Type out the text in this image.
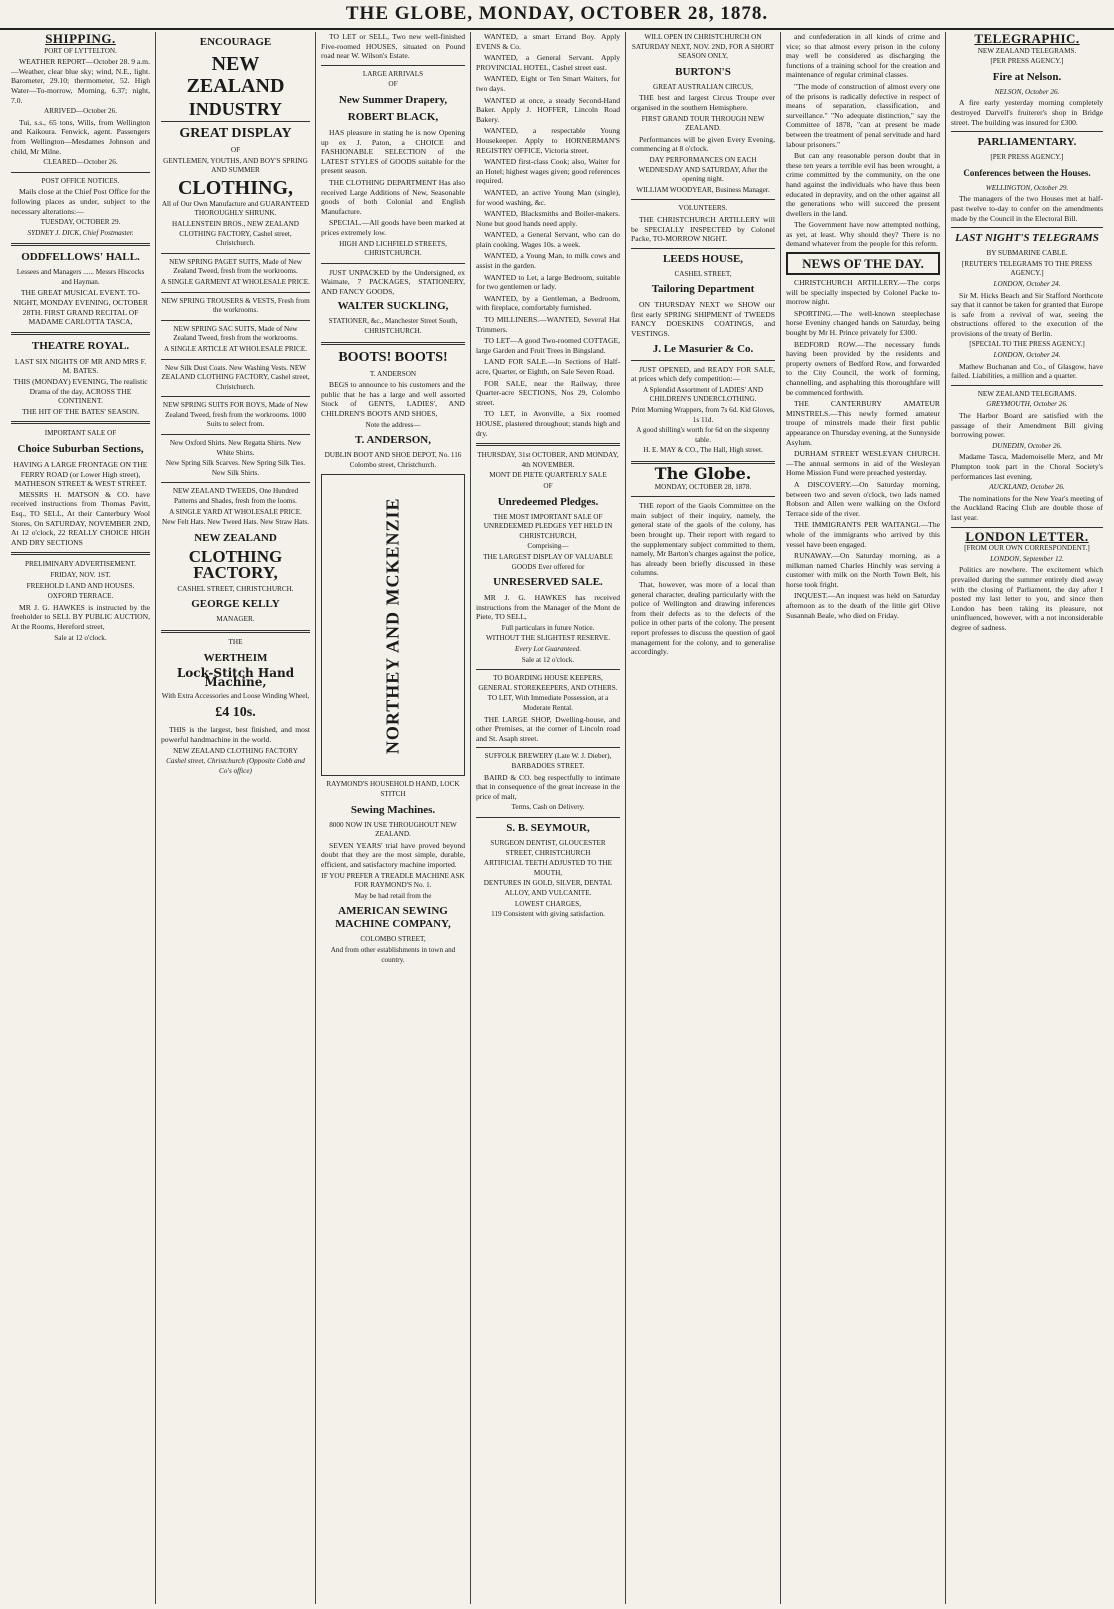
THE GLOBE, MONDAY, OCTOBER 28, 1878.
SHIPPING.
PORT OF LYTTELTON.

WEATHER REPORT—October 28. 9 a.m.—Weather, clear blue sky; wind, N.E., light. Barometer, 29.10; thermometer, 52. High Water—To-morrow, Morning, 6.37; night, 7.0.

ARRIVED—October 26.

Tui, s.s., 65 tons, Wills, from Wellington and Kaikoura. Fenwick, agent. Passengers from Wellington—Mesdames Johnson and child, Mr Milne.

CLEARED—October 26.
POST OFFICE NOTICES.

Mails close at the Chief Post Office for the following places as under, subject to the necessary alterations:—

TUESDAY, OCTOBER 29.
SYDNEY J. DICK, Chief Postmaster.
ODDFELLOWS' HALL.
Lessees and Managers ...... Messrs Hiscocks and Hayman.

THE GREAT MUSICAL EVENT. TO-NIGHT, MONDAY EVENING, OCTOBER 28TH. FIRST GRAND RECITAL OF MADAME CARLOTTA TASCA,

THEATRE ROYAL.

LAST SIX NIGHTS OF MR AND MRS F. M. BATES.

THIS (MONDAY) EVENING, The realistic Drama of the day, ACROSS THE CONTINENT.

THE HIT OF THE BATES' SEASON.

IMPORTANT SALE OF
Choice Suburban Sections,

HAVING A LARGE FRONTAGE ON THE FERRY ROAD (or Lower High street), MATHESON STREET & WEST STREET.

MESSRS H. MATSON & CO. have received instructions from Thomas Pavitt, Esq., TO SELL, At their Canterbury Wool Stores, On SATURDAY, NOVEMBER 2ND, At 12 o'clock, 22 REALLY CHOICE HIGH AND DRY SECTIONS

PRELIMINARY ADVERTISEMENT.
FRIDAY, NOV. 1ST.
FREEHOLD LAND AND HOUSES.
OXFORD TERRACE.

MR J. G. HAWKES is instructed by the freeholder to SELL BY PUBLIC AUCTION, At the Rooms, Hereford street,

Sale at 12 o'clock.
ENCOURAGE
NEW ZEALAND
INDUSTRY
GREAT DISPLAY
OF
GENTLEMEN, YOUTHS, AND BOY'S SPRING AND SUMMER
CLOTHING,
All of Our Own Manufacture and GUARANTEED THOROUGHLY SHRUNK.
HALLENSTEIN BROS., NEW ZEALAND CLOTHING FACTORY, Cashel street, Christchurch.
NEW SPRING PAGET SUITS, Made of New Zealand Tweed, fresh from the workrooms.
A SINGLE GARMENT AT WHOLESALE PRICE.
NEW SPRING TROUSERS & VESTS, Fresh from the workrooms.
NEW SPRING SAC SUITS, Made of New Zealand Tweed, fresh from the workrooms.
A SINGLE ARTICLE AT WHOLESALE PRICE.
New Silk Dust Coats. New Washing Vests. NEW ZEALAND CLOTHING FACTORY, Cashel street, Christchurch.
NEW SPRING SUITS FOR BOYS, Made of New Zealand Tweed, fresh from the workrooms. 1000 Suits to select from.
New Oxford Shirts. New Regatta Shirts. New White Shirts.
New Spring Silk Scarves. New Spring Silk Ties. New Silk Shirts.
NEW ZEALAND TWEEDS, One Hundred Patterns and Shades, fresh from the looms.
A SINGLE YARD AT WHOLESALE PRICE.
New Felt Hats. New Tweed Hats. New Straw Hats.
NEW ZEALAND
CLOTHING FACTORY,
CASHEL STREET, CHRISTCHURCH.
GEORGE KELLY
MANAGER.
THE
WERTHEIM
Lock-Stitch Hand Machine,
With Extra Accessories and Loose Winding Wheel,
£4 10s.

THIS is the largest, best finished, and most powerful handmachine in the world.

NEW ZEALAND CLOTHING FACTORY
Cashel street, Christchurch (Opposite Cobb and Co's office)

TO LET or SELL, Two new well-finished Five-roomed HOUSES, situated on Pound road near W. Wilson's Estate.

LARGE ARRIVALS
OF
New Summer Drapery,
ROBERT BLACK,

HAS pleasure in stating he is now Opening up ex J. Paton, a CHOICE and FASHIONABLE SELECTION of the LATEST STYLES of GOODS suitable for the present season.

THE CLOTHING DEPARTMENT Has also received Large Additions of New, Seasonable goods of both Colonial and English Manufacture.

SPECIAL.—All goods have been marked at prices extremely low.

HIGH AND LICHFIELD STREETS, CHRISTCHURCH.

JUST UNPACKED by the Undersigned, ex Waimate, 7 PACKAGES, STATIONERY, AND FANCY GOODS,

WALTER SUCKLING,
STATIONER, &c., Manchester Street South, CHRISTCHURCH.
BOOTS! BOOTS!
T. ANDERSON

BEGS to announce to his customers and the public that he has a large and well assorted Stock of GENTS, LADIES', AND CHILDREN'S BOOTS AND SHOES,

Note the address—
T. ANDERSON,
DUBLIN BOOT AND SHOE DEPOT, No. 116 Colombo street, Christchurch.
NORTHEY AND MCKENZIE
RAYMOND'S HOUSEHOLD HAND, LOCK STITCH
Sewing Machines.
8000 NOW IN USE THROUGHOUT NEW ZEALAND.

SEVEN YEARS' trial have proved beyond doubt that they are the most simple, durable, efficient, and satisfactory machine imported.

IF YOU PREFER A TREADLE MACHINE ASK FOR RAYMOND'S No. 1.
May be had retail from the
AMERICAN SEWING MACHINE COMPANY,
COLOMBO STREET,
And from other establishments in town and country.

WANTED, a smart Errand Boy. Apply EVENS & Co.

WANTED, a General Servant. Apply PROVINCIAL HOTEL, Cashel street east.

WANTED, Eight or Ten Smart Waiters, for two days.

WANTED at once, a steady Second-Hand Baker. Apply J. HOFFER, Lincoln Road Bakery.

WANTED, a respectable Young Housekeeper. Apply to HORNERMAN'S REGISTRY OFFICE, Victoria street.

WANTED first-class Cook; also, Waiter for an Hotel; highest wages given; good references required.

WANTED, an active Young Man (single), for wood washing, &c.

WANTED, Blacksmiths and Boiler-makers. None but good hands need apply.

WANTED, a General Servant, who can do plain cooking. Wages 10s. a week.

WANTED, a Young Man, to milk cows and assist in the garden.

WANTED to Let, a large Bedroom, suitable for two gentlemen or lady.

WANTED, by a Gentleman, a Bedroom, with fireplace, comfortably furnished.

TO MILLINERS.—WANTED, Several Hat Trimmers.

TO LET—A good Two-roomed COTTAGE, large Garden and Fruit Trees in Bingsland.

LAND FOR SALE.—In Sections of Half-acre, Quarter, or Eighth, on Sale Seven Road.

FOR SALE, near the Railway, three Quarter-acre SECTIONS, Nos 29, Colombo street.

TO LET, in Avonville, a Six roomed HOUSE, plastered throughout; stands high and dry.

THURSDAY, 31st OCTOBER, AND MONDAY, 4th NOVEMBER.
MONT DE PIETE QUARTERLY SALE
OF
Unredeemed Pledges.
THE MOST IMPORTANT SALE OF UNREDEEMED PLEDGES YET HELD IN CHRISTCHURCH,
Comprising—
THE LARGEST DISPLAY OF VALUABLE GOODS Ever offered for
UNRESERVED SALE.

MR J. G. HAWKES has received instructions from the Manager of the Mont de Piete, TO SELL,

Full particulars in future Notice.
WITHOUT THE SLIGHTEST RESERVE.
Every Lot Guaranteed.
Sale at 12 o'clock.
TO BOARDING HOUSE KEEPERS, GENERAL STOREKEEPERS, AND OTHERS.
TO LET, With Immediate Possession, at a Moderate Rental.

THE LARGE SHOP, Dwelling-house, and other Premises, at the corner of Lincoln road and St. Asaph street.

SUFFOLK BREWERY (Late W. J. Dieber), BARBADOES STREET.

BAIRD & CO. beg respectfully to intimate that in consequence of the great increase in the price of malt,

Terms, Cash on Delivery.
S. B. SEYMOUR,
SURGEON DENTIST, GLOUCESTER STREET, CHRISTCHURCH
ARTIFICIAL TEETH ADJUSTED TO THE MOUTH,
DENTURES IN GOLD, SILVER, DENTAL ALLOY, AND VULCANITE.
LOWEST CHARGES,
119 Consistent with giving satisfaction.
WILL OPEN IN CHRISTCHURCH ON SATURDAY NEXT, NOV. 2ND, FOR A SHORT SEASON ONLY,
BURTON'S
GREAT AUSTRALIAN CIRCUS,

THE best and largest Circus Troupe ever organised in the southern Hemisphere.

FIRST GRAND TOUR THROUGH NEW ZEALAND.

Performances will be given Every Evening, commencing at 8 o'clock.

DAY PERFORMANCES ON EACH WEDNESDAY AND SATURDAY, After the opening night.
WILLIAM WOODYEAR, Business Manager.
VOLUNTEERS.

THE CHRISTCHURCH ARTILLERY will be SPECIALLY INSPECTED by Colonel Packe, TO-MORROW NIGHT.

LEEDS HOUSE,
CASHEL STREET,
Tailoring Department

ON THURSDAY NEXT we SHOW our first early SPRING SHIPMENT of TWEEDS FANCY DOESKINS COATINGS, and VESTINGS.

J. Le Masurier & Co.

JUST OPENED, and READY FOR SALE, at prices which defy competition:—

A Splendid Assortment of LADIES' AND CHILDREN'S UNDERCLOTHING.
Print Morning Wrappers, from 7s 6d. Kid Gloves, 1s 11d.
A good shilling's worth for 6d on the sixpenny table.
H. E. MAY & CO., The Hall, High street.
The Globe.
MONDAY, OCTOBER 28, 1878.

THE report of the Gaols Committee on the main subject of their inquiry, namely, the general state of the gaols of the colony, has been brought up. Their report with regard to the supplementary subject committed to them, namely, Mr Barton's charges against the police, has already been briefly discussed in these columns.

That, however, was more of a local than general character, dealing particularly with the police of Wellington and drawing inferences from their defects as to the defects of the police in other parts of the colony. The present report professes to discuss the question of gaol management for the colony, and to generalise accordingly.

and confederation in all kinds of crime and vice; so that almost every prison in the colony may well be considered as discharging the functions of a training school for the creation and maintenance of regular criminal classes.

"The mode of construction of almost every one of the prisons is radically defective in respect of means of separation, classification, and surveillance." "No adequate distinction," say the Committee of 1878, "can at present be made between the treatment of penal servitude and hard labour prisoners."

But can any reasonable person doubt that in these ten years a terrible evil has been wrought, a crime committed by the community, on the one hand against the individuals who have thus been educated in depravity, and on the other against all the generations who will succeed the present dwellers in the land.

The Government have now attempted nothing, as yet, at least. Why should they? There is no demand whatever from the people for this reform.

NEWS OF THE DAY.

CHRISTCHURCH ARTILLERY.—The corps will be specially inspected by Colonel Packe to-morrow night.

SPORTING.—The well-known steeplechase horse Eveniny changed hands on Saturday, being bought by Mr H. Prince privately for £300.

BEDFORD ROW.—The necessary funds having been provided by the residents and property owners of Bedford Row, and forwarded to the City Council, the work of forming, channelling, and asphalting this thoroughfare will be commenced forthwith.

THE CANTERBURY AMATEUR MINSTRELS.—This newly formed amateur troupe of minstrels made their first public appearance on Thursday evening, at the Sunnyside Asylum.

DURHAM STREET WESLEYAN CHURCH.—The annual sermons in aid of the Wesleyan Home Mission Fund were preached yesterday.

A DISCOVERY.—On Saturday morning, between two and seven o'clock, two lads named Robson and Allen were walking on the Oxford Terrace side of the river.

THE IMMIGRANTS PER WAITANGI.—The whole of the immigrants who arrived by this vessel have been engaged.

RUNAWAY.—On Saturday morning, as a milkman named Charles Hinchly was serving a customer with milk on the North Town Belt, his horse took fright.

INQUEST.—An inquest was held on Saturday afternoon as to the death of the little girl Olive Susannah Beale, who died on Friday.

TELEGRAPHIC.
NEW ZEALAND TELEGRAMS.
[PER PRESS AGENCY.]
Fire at Nelson.
NELSON, October 26.

A fire early yesterday morning completely destroyed Darvell's fruiterer's shop in Bridge street. The building was insured for £300.

PARLIAMENTARY.
[PER PRESS AGENCY.]
Conferences between the Houses.
WELLINGTON, October 29.

The managers of the two Houses met at half-past twelve to-day to confer on the amendments made by the Council in the Electoral Bill.

LAST NIGHT'S TELEGRAMS
BY SUBMARINE CABLE.
[REUTER'S TELEGRAMS TO THE PRESS AGENCY.]
LONDON, October 24.

Sir M. Hicks Beach and Sir Stafford Northcote say that it cannot be taken for granted that Europe is safe from a revival of war, seeing the obstructions offered to the execution of the provisions of the treaty of Berlin.

[SPECIAL TO THE PRESS AGENCY.]
LONDON, October 24.

Mathew Buchanan and Co., of Glasgow, have failed. Liabilities, a million and a quarter.

NEW ZEALAND TELEGRAMS.
GREYMOUTH, October 26.

The Harbor Board are satisfied with the passage of their Amendment Bill giving borrowing power.

DUNEDIN, October 26.

Madame Tasca, Mademoiselle Merz, and Mr Plumpton took part in the Choral Society's performances last evening.

AUCKLAND, October 26.

The nominations for the New Year's meeting of the Auckland Racing Club are double those of last year.

LONDON LETTER.
[FROM OUR OWN CORRESPONDENT.]
LONDON, September 12.

Politics are nowhere. The excitement which prevailed during the summer entirely died away with the closing of Parliament, the day after I posted my last letter to you, and since then London has been taking its pleasure, not uninfluenced, however, with a not inconsiderable degree of sadness.
